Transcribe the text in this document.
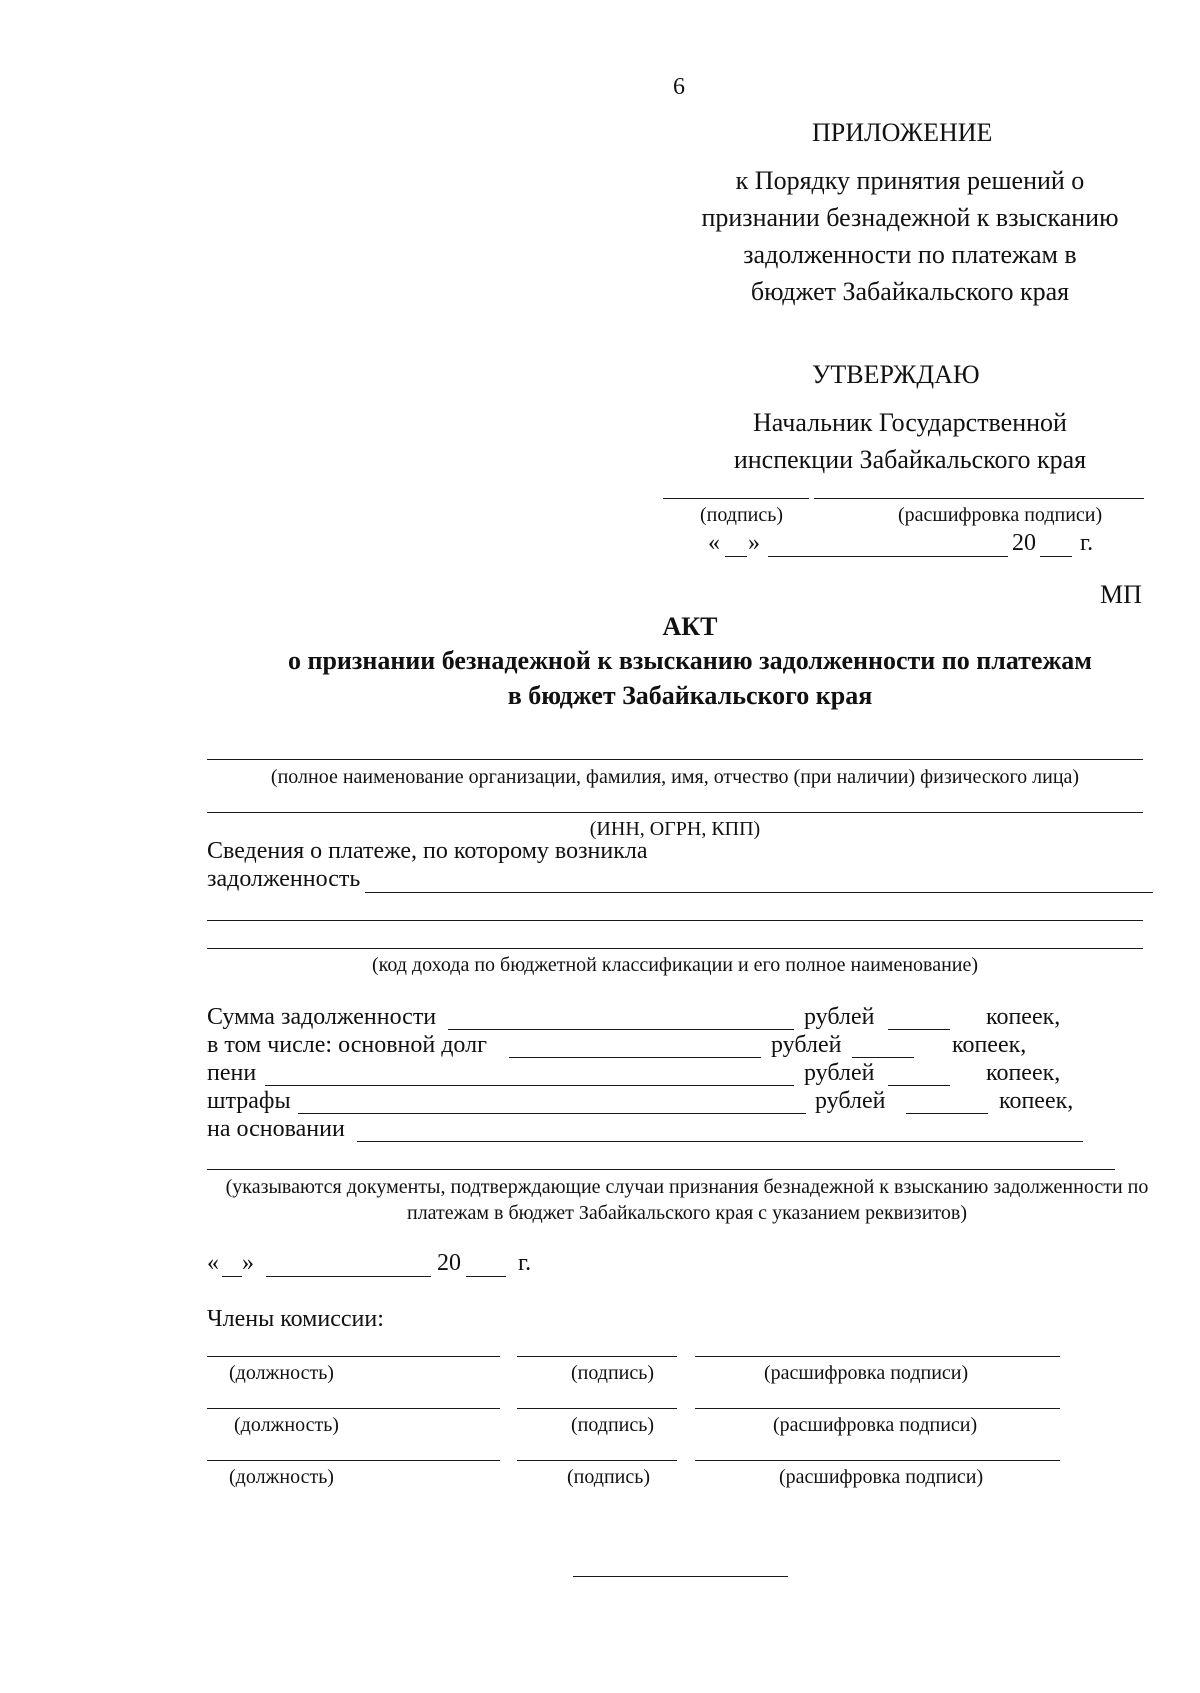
6
ПРИЛОЖЕНИЕ
к Порядку принятия решений о
признании безнадежной к взысканию
задолженности по платежам в
бюджет Забайкальского края
УТВЕРЖДАЮ
Начальник Государственной
инспекции Забайкальского края
(подпись)	(расшифровка подписи)
« »	20 г.
МП
АКТ
о признании безнадежной к взысканию задолженности по платежам
в бюджет Забайкальского края
(полное наименование организации, фамилия, имя, отчество (при наличии) физического лица)
(ИНН, ОГРН, КПП)
Сведения о платеже, по которому возникла
задолженность
(код дохода по бюджетной классификации и его полное наименование)
Сумма задолженности	рублей	копеек,
в том числе: основной долг	рублей	копеек,
пени	рублей	копеек,
штрафы	рублей	копеек,
на основании
(указываются документы, подтверждающие случаи признания безнадежной к взысканию задолженности по
платежам в бюджет Забайкальского края с указанием реквизитов)
« »	20 г.
Члены комиссии:
(должность)	(подпись)	(расшифровка подписи)
(должность)	(подпись)	(расшифровка подписи)
(должность)	(подпись)	(расшифровка подписи)
